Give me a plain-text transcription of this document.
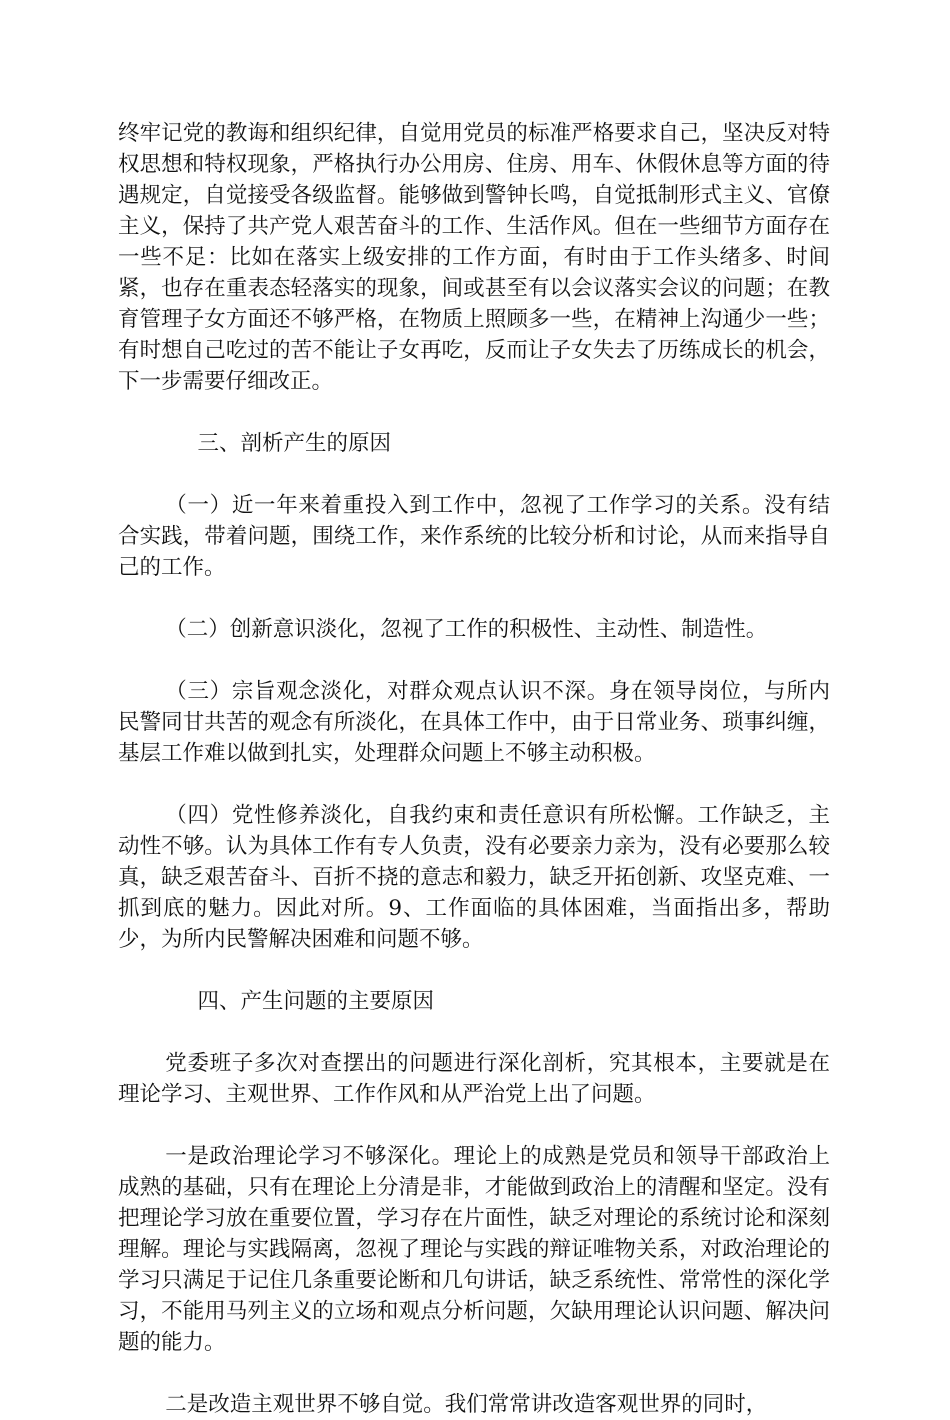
终牢记党的教诲和组织纪律，自觉用党员的标准严格要求自己，坚决反对特权思想和特权现象，严格执行办公用房、住房、用车、休假休息等方面的待遇规定，自觉接受各级监督。能够做到警钟长鸣，自觉抵制形式主义、官僚主义，保持了共产党人艰苦奋斗的工作、生活作风。但在一些细节方面存在一些不足：比如在落实上级安排的工作方面，有时由于工作头绪多、时间紧，也存在重表态轻落实的现象，间或甚至有以会议落实会议的问题；在教育管理子女方面还不够严格，在物质上照顾多一些，在精神上沟通少一些；有时想自己吃过的苦不能让子女再吃，反而让子女失去了历练成长的机会，下一步需要仔细改正。

三、剖析产生的原因

（一）近一年来着重投入到工作中，忽视了工作学习的关系。没有结合实践，带着问题，围绕工作，来作系统的比较分析和讨论，从而来指导自己的工作。

（二）创新意识淡化，忽视了工作的积极性、主动性、制造性。

（三）宗旨观念淡化，对群众观点认识不深。身在领导岗位，与所内民警同甘共苦的观念有所淡化，在具体工作中，由于日常业务、琐事纠缠，基层工作难以做到扎实，处理群众问题上不够主动积极。

（四）党性修养淡化，自我约束和责任意识有所松懈。工作缺乏，主动性不够。认为具体工作有专人负责，没有必要亲力亲为，没有必要那么较真，缺乏艰苦奋斗、百折不挠的意志和毅力，缺乏开拓创新、攻坚克难、一抓到底的魅力。因此对所。9、工作面临的具体困难，当面指出多，帮助少，为所内民警解决困难和问题不够。

四、产生问题的主要原因

党委班子多次对查摆出的问题进行深化剖析，究其根本，主要就是在理论学习、主观世界、工作作风和从严治党上出了问题。

一是政治理论学习不够深化。理论上的成熟是党员和领导干部政治上成熟的基础，只有在理论上分清是非，才能做到政治上的清醒和坚定。没有把理论学习放在重要位置，学习存在片面性，缺乏对理论的系统讨论和深刻理解。理论与实践隔离，忽视了理论与实践的辩证唯物关系，对政治理论的学习只满足于记住几条重要论断和几句讲话，缺乏系统性、常常性的深化学习，不能用马列主义的立场和观点分析问题，欠缺用理论认识问题、解决问题的能力。

二是改造主观世界不够自觉。我们常常讲改造客观世界的同时，
